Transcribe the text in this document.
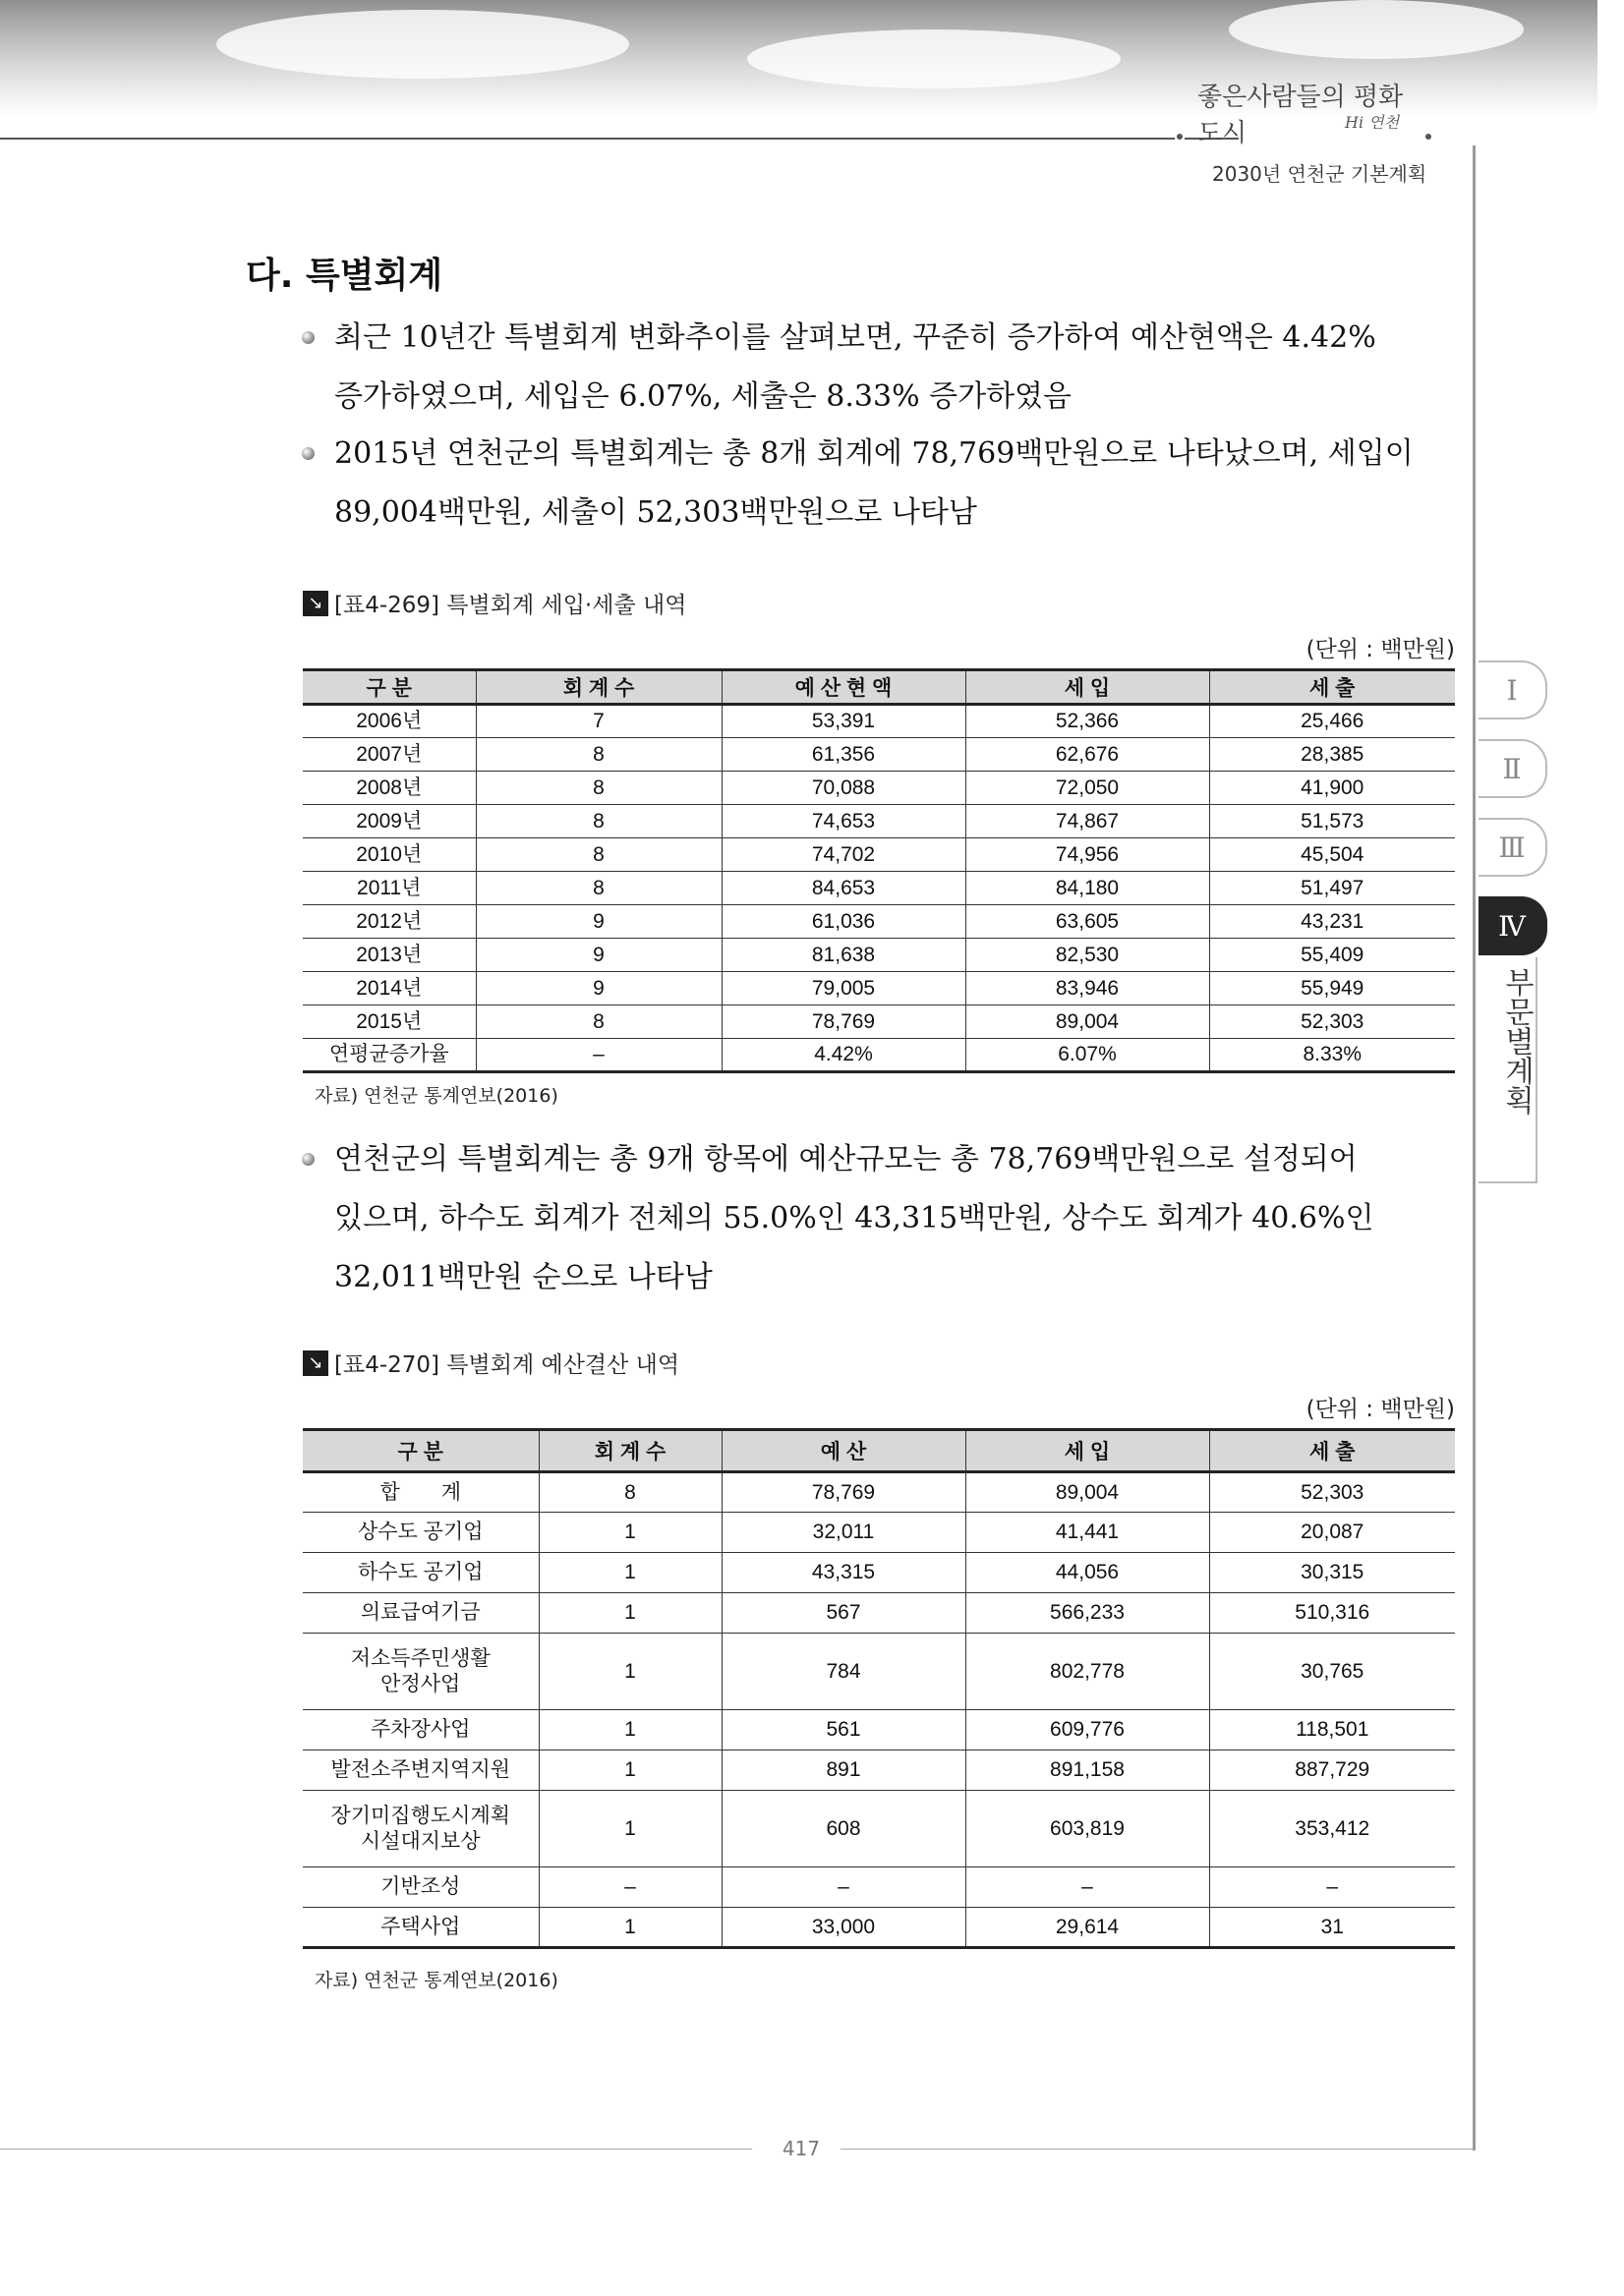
좋은사람들의 평화도시	Hi 연천
2030년 연천군 기본계획
Ⅰ
Ⅱ
Ⅲ
Ⅳ
부문별계획
다. 특별회계
최근 10년간 특별회계 변화추이를 살펴보면, 꾸준히 증가하여 예산현액은 4.42%
증가하였으며, 세입은 6.07%, 세출은 8.33% 증가하였음
2015년 연천군의 특별회계는 총 8개 회계에 78,769백만원으로 나타났으며, 세입이
89,004백만원, 세출이 52,303백만원으로 나타남
↘ [표4-269] 특별회계 세입·세출 내역
(단위 : 백만원)
구 분	회 계 수	예 산 현 액	세 입	세 출
2006년	7	53,391	52,366	25,466
2007년	8	61,356	62,676	28,385
2008년	8	70,088	72,050	41,900
2009년	8	74,653	74,867	51,573
2010년	8	74,702	74,956	45,504
2011년	8	84,653	84,180	51,497
2012년	9	61,036	63,605	43,231
2013년	9	81,638	82,530	55,409
2014년	9	79,005	83,946	55,949
2015년	8	78,769	89,004	52,303
연평균증가율	–	4.42%	6.07%	8.33%
자료) 연천군 통계연보(2016)
연천군의 특별회계는 총 9개 항목에 예산규모는 총 78,769백만원으로 설정되어
있으며, 하수도 회계가 전체의 55.0%인 43,315백만원, 상수도 회계가 40.6%인
32,011백만원 순으로 나타남
↘ [표4-270] 특별회계 예산결산 내역
(단위 : 백만원)
구 분	회 계 수	예 산	세 입	세 출
합　　계	8	78,769	89,004	52,303
상수도 공기업	1	32,011	41,441	20,087
하수도 공기업	1	43,315	44,056	30,315
의료급여기금	1	567	566,233	510,316
저소득주민생활
안정사업	1	784	802,778	30,765
주차장사업	1	561	609,776	118,501
발전소주변지역지원	1	891	891,158	887,729
장기미집행도시계획
시설대지보상	1	608	603,819	353,412
기반조성	–	–	–	–
주택사업	1	33,000	29,614	31
자료) 연천군 통계연보(2016)
417
